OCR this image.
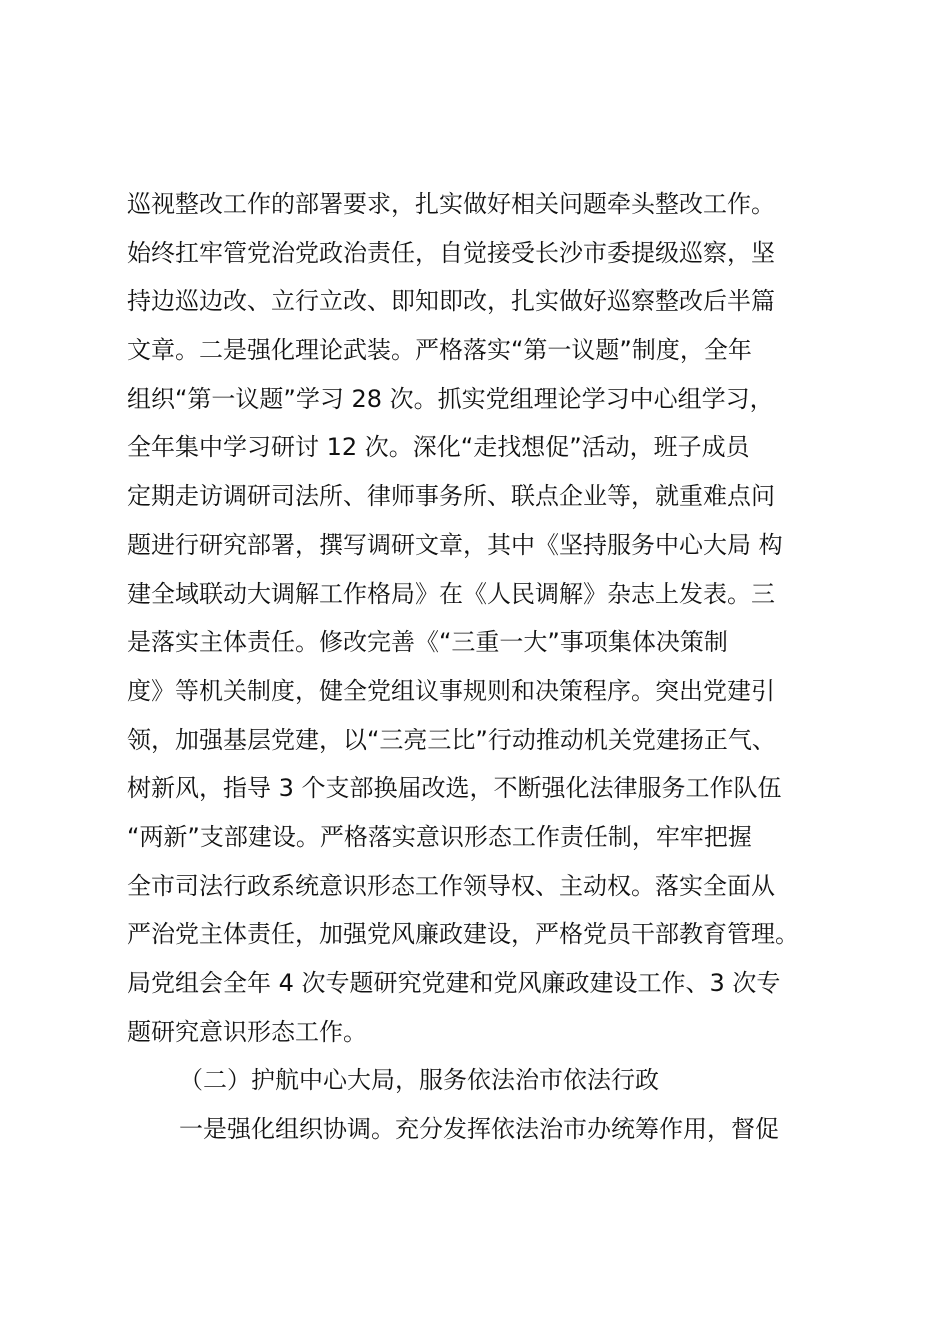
巡视整改工作的部署要求，扎实做好相关问题牵头整改工作。
始终扛牢管党治党政治责任，自觉接受长沙市委提级巡察，坚
持边巡边改、立行立改、即知即改，扎实做好巡察整改后半篇
文章。二是强化理论武装。严格落实“第一议题”制度，全年
组织“第一议题”学习 28 次。抓实党组理论学习中心组学习，
全年集中学习研讨 12 次。深化“走找想促”活动，班子成员
定期走访调研司法所、律师事务所、联点企业等，就重难点问
题进行研究部署，撰写调研文章，其中《坚持服务中心大局 构
建全域联动大调解工作格局》在《人民调解》杂志上发表。三
是落实主体责任。修改完善《“三重一大”事项集体决策制
度》等机关制度，健全党组议事规则和决策程序。突出党建引
领，加强基层党建，以“三亮三比”行动推动机关党建扬正气、
树新风，指导 3 个支部换届改选，不断强化法律服务工作队伍
“两新”支部建设。严格落实意识形态工作责任制，牢牢把握
全市司法行政系统意识形态工作领导权、主动权。落实全面从
严治党主体责任，加强党风廉政建设，严格党员干部教育管理。
局党组会全年 4 次专题研究党建和党风廉政建设工作、3 次专
题研究意识形态工作。
（二）护航中心大局，服务依法治市依法行政
一是强化组织协调。充分发挥依法治市办统筹作用，督促
